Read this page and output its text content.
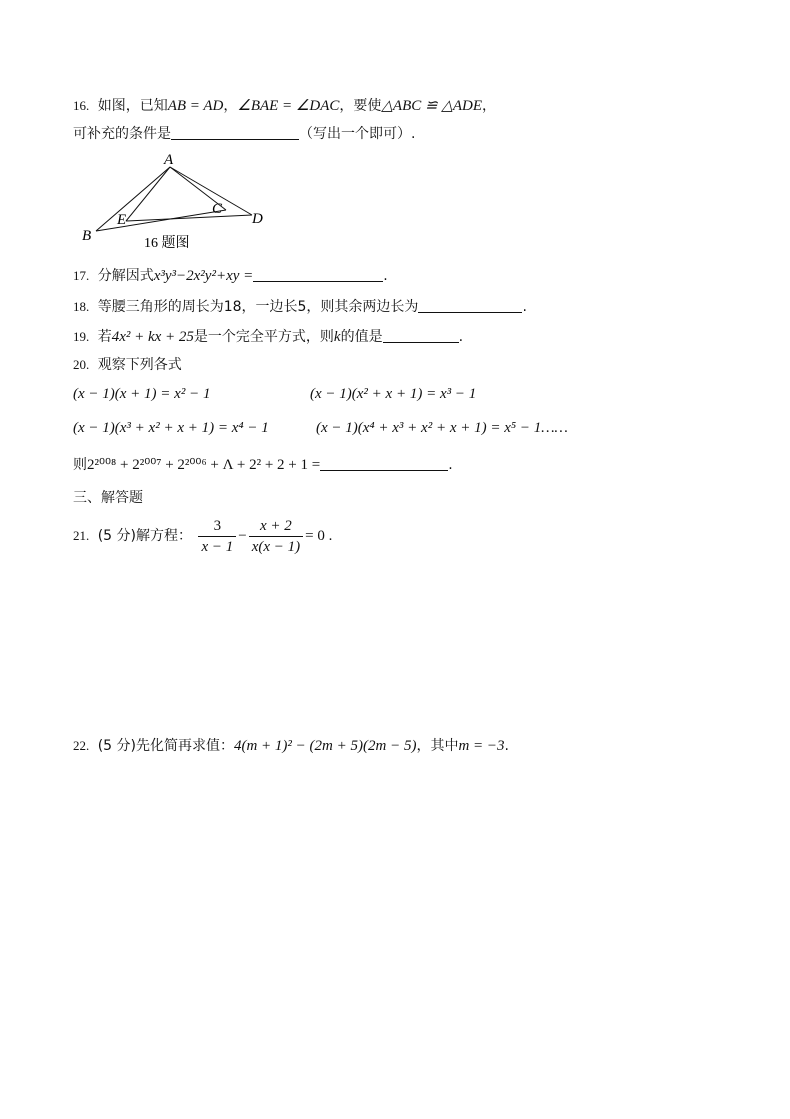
16. 如图，已知AB = AD，∠BAE = ∠DAC，要使△ABC ≌ △ADE，
可补充的条件是	（写出一个即可）.
A
B
C
D
E
16 题图
17. 分解因式x³y³−2x²y²+xy =	.
18. 等腰三角形的周长为18，一边长5，则其余两边长为	.
19. 若4x² + kx + 25是一个完全平方式，则k的值是	.
20. 观察下列各式
(x − 1)(x + 1) = x² − 1	(x − 1)(x² + x + 1) = x³ − 1
(x − 1)(x³ + x² + x + 1) = x⁴ − 1	(x − 1)(x⁴ + x³ + x² + x + 1) = x⁵ − 1……
则2²⁰⁰⁸ + 2²⁰⁰⁷ + 2²⁰⁰⁶ + Λ + 2² + 2 + 1 =	.
三、解答题
21. (5 分)解方程： $\frac{3}{x - 1} - \frac{x + 2}{x(x - 1)} = 0$ .
22. (5 分)先化简再求值：4(m + 1)² − (2m + 5)(2m − 5)，其中m = −3.
